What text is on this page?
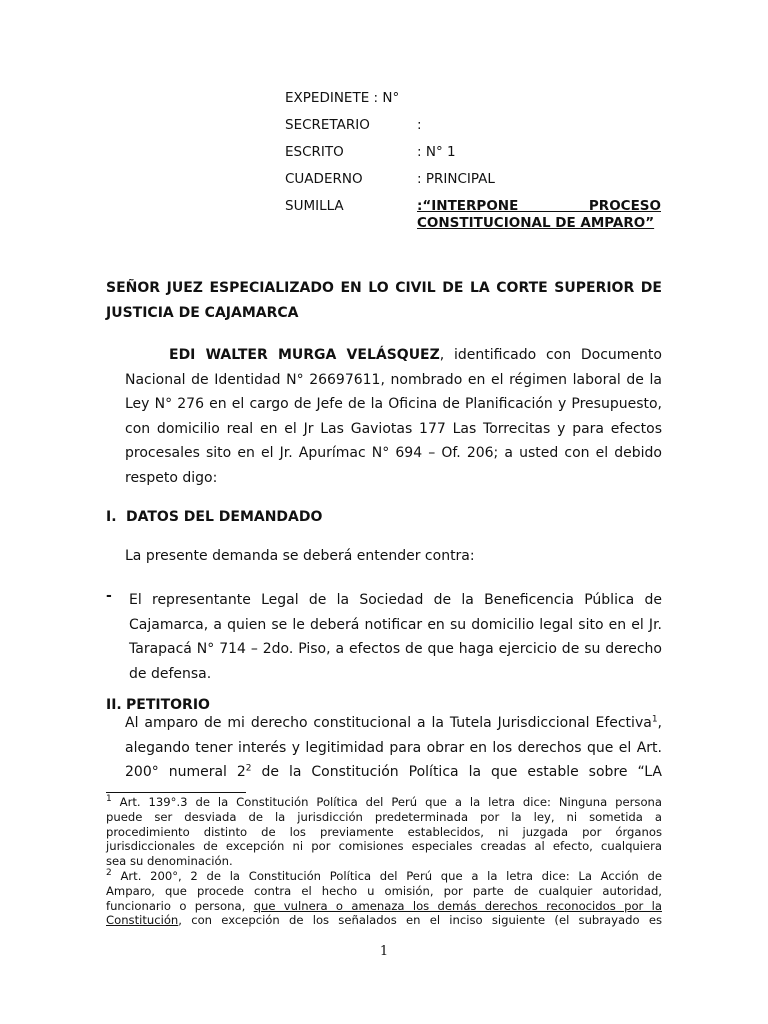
EXPEDINETE : N°
SECRETARIO	:
ESCRITO	: N° 1
CUADERNO	: PRINCIPAL
SUMILLA	:“INTERPONE PROCESO
CONSTITUCIONAL DE AMPARO”
SEÑOR JUEZ ESPECIALIZADO EN LO CIVIL DE LA CORTE SUPERIOR DE
JUSTICIA DE CAJAMARCA
EDI WALTER MURGA VELÁSQUEZ, identificado con Documento
Nacional de Identidad N° 26697611, nombrado en el régimen laboral de la
Ley N° 276 en el cargo de Jefe de la Oficina de Planificación y Presupuesto,
con domicilio real en el Jr Las Gaviotas 177 Las Torrecitas y para efectos
procesales sito en el Jr. Apurímac N° 694 – Of. 206; a usted con el debido
respeto digo:
I. DATOS DEL DEMANDADO
La presente demanda se deberá entender contra:
- El representante Legal de la Sociedad de la Beneficencia Pública de
Cajamarca, a quien se le deberá notificar en su domicilio legal sito en el Jr.
Tarapacá N° 714 – 2do. Piso, a efectos de que haga ejercicio de su derecho
de defensa.
II. PETITORIO
Al amparo de mi derecho constitucional a la Tutela Jurisdiccional Efectiva$^1$,
alegando tener interés y legitimidad para obrar en los derechos que el Art.
200° numeral $2^2$ de la Constitución Política la que estable sobre “LA
$^1$ Art. 139°.3 de la Constitución Política del Perú que a la letra dice: Ninguna persona
puede ser desviada de la jurisdicción predeterminada por la ley, ni sometida a
procedimiento distinto de los previamente establecidos, ni juzgada por órganos
jurisdiccionales de excepción ni por comisiones especiales creadas al efecto, cualquiera
sea su denominación.
$^2$ Art. 200°, 2 de la Constitución Política del Perú que a la letra dice: La Acción de
Amparo, que procede contra el hecho u omisión, por parte de cualquier autoridad,
funcionario o persona, que vulnera o amenaza los demás derechos reconocidos por la
Constitución, con excepción de los señalados en el inciso siguiente (el subrayado es
1
